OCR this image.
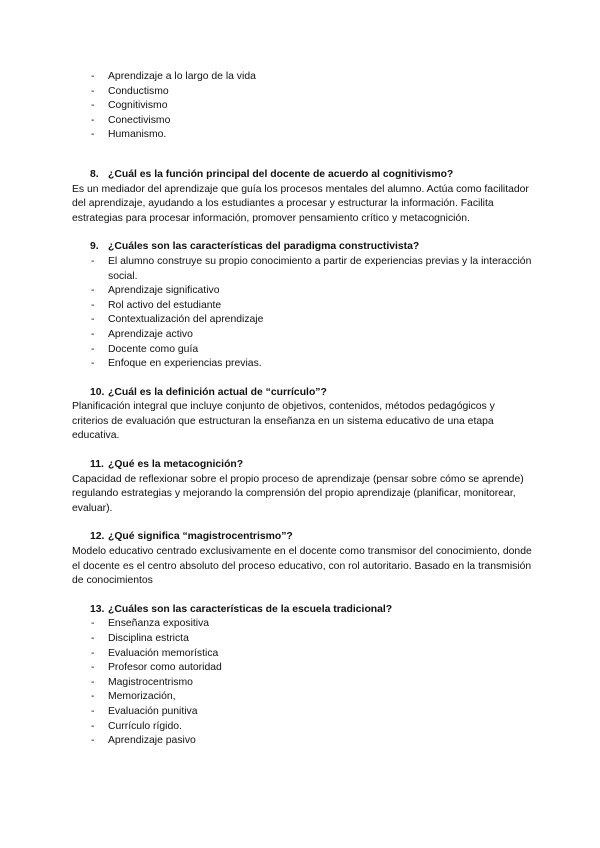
- Aprendizaje a lo largo de la vida
- Conductismo
- Cognitivismo
- Conectivismo
- Humanismo.
8. ¿Cuál es la función principal del docente de acuerdo al cognitivismo?

Es un mediador del aprendizaje que guía los procesos mentales del alumno. Actúa como facilitador del aprendizaje, ayudando a los estudiantes a procesar y estructurar la información. Facilita estrategias para procesar información, promover pensamiento crítico y metacognición.

9. ¿Cuáles son las características del paradigma constructivista?
- El alumno construye su propio conocimiento a partir de experiencias previas y la interacción social.
- Aprendizaje significativo
- Rol activo del estudiante
- Contextualización del aprendizaje
- Aprendizaje activo
- Docente como guía
- Enfoque en experiencias previas.
10. ¿Cuál es la definición actual de “currículo”?

Planificación integral que incluye conjunto de objetivos, contenidos, métodos pedagógicos y criterios de evaluación que estructuran la enseñanza en un sistema educativo de una etapa educativa.

11. ¿Qué es la metacognición?

Capacidad de reflexionar sobre el propio proceso de aprendizaje (pensar sobre cómo se aprende) regulando estrategias y mejorando la comprensión del propio aprendizaje (planificar, monitorear, evaluar).

12. ¿Qué significa “magistrocentrismo”?

Modelo educativo centrado exclusivamente en el docente como transmisor del conocimiento, donde el docente es el centro absoluto del proceso educativo, con rol autoritario. Basado en la transmisión de conocimientos

13. ¿Cuáles son las características de la escuela tradicional?
- Enseñanza expositiva
- Disciplina estricta
- Evaluación memorística
- Profesor como autoridad
- Magistrocentrismo
- Memorización,
- Evaluación punitiva
- Currículo rígido.
- Aprendizaje pasivo
